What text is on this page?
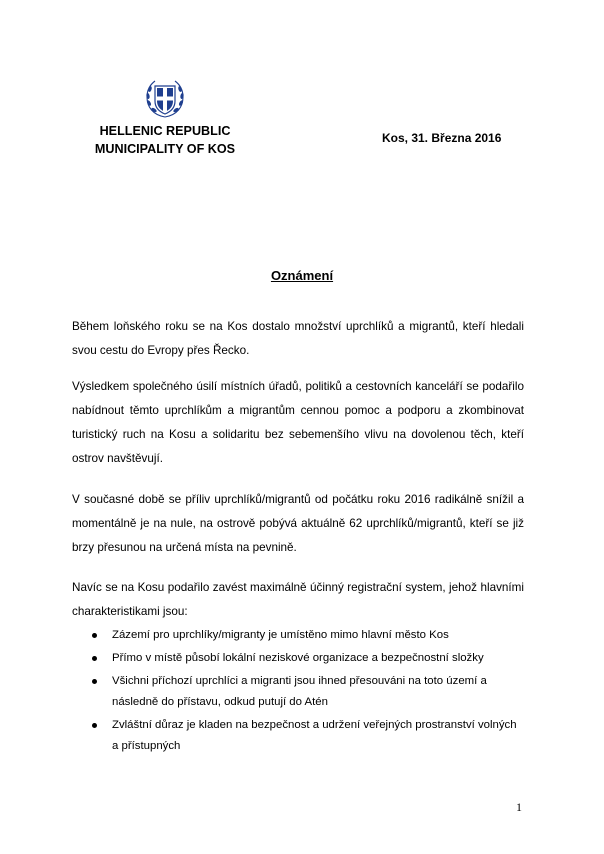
HELLENIC REPUBLIC
MUNICIPALITY OF KOS
Kos, 31. Března 2016
Oznámení
Během loňského roku se na Kos dostalo množství uprchlíků a migrantů, kteří hledali svou cestu do Evropy přes Řecko.
Výsledkem společného úsilí místních úřadů, politiků a cestovních kanceláří se podařilo nabídnout těmto uprchlíkům a migrantům cennou pomoc a podporu a zkombinovat turistický ruch na Kosu a solidaritu bez sebemenšího vlivu na dovolenou těch, kteří ostrov navštěvují.
V současné době se příliv uprchlíků/migrantů od počátku roku 2016 radikálně snížil a momentálně je na nule, na ostrově pobývá aktuálně 62 uprchlíků/migrantů, kteří se již brzy přesunou na určená místa na pevnině.
Navíc se na Kosu podařilo zavést maximálně účinný registrační system, jehož hlavními charakteristikami jsou:
Zázemí pro uprchlíky/migranty je umístěno mimo hlavní město Kos
Přímo v místě působí lokální neziskové organizace a bezpečnostní složky
Všichni příchozí uprchlíci a migranti jsou ihned přesouváni na toto území a následně do přístavu, odkud putují do Atén
Zvláštní důraz je kladen na bezpečnost a udržení veřejných prostranství volných a přístupných
1
